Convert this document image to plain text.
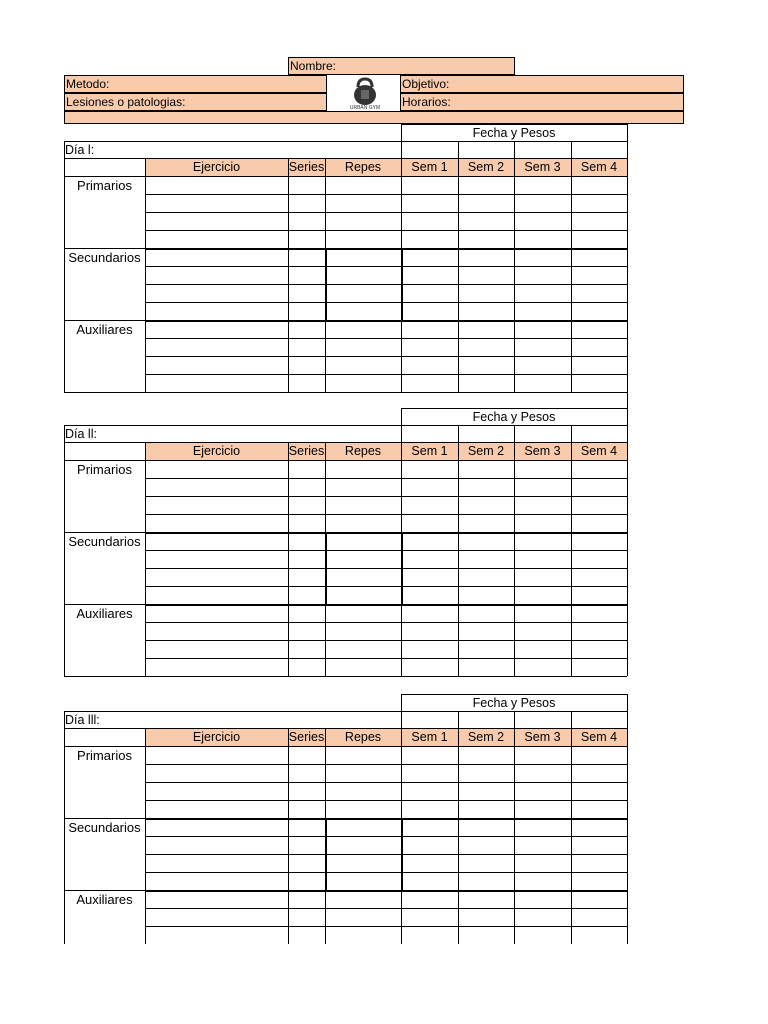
Nombre:
Metodo:
Lesiones o patologias:
Objetivo:
Horarios:
URBAN GYM
Fecha y Pesos
Día l:
Ejercicio	Series	Repes	Sem 1	Sem 2	Sem 3	Sem 4
Primarios
Secundarios
Auxiliares
Fecha y Pesos
Día ll:
Ejercicio	Series	Repes	Sem 1	Sem 2	Sem 3	Sem 4
Primarios
Secundarios
Auxiliares
Fecha y Pesos
Día lll:
Ejercicio	Series	Repes	Sem 1	Sem 2	Sem 3	Sem 4
Primarios
Secundarios
Auxiliares
